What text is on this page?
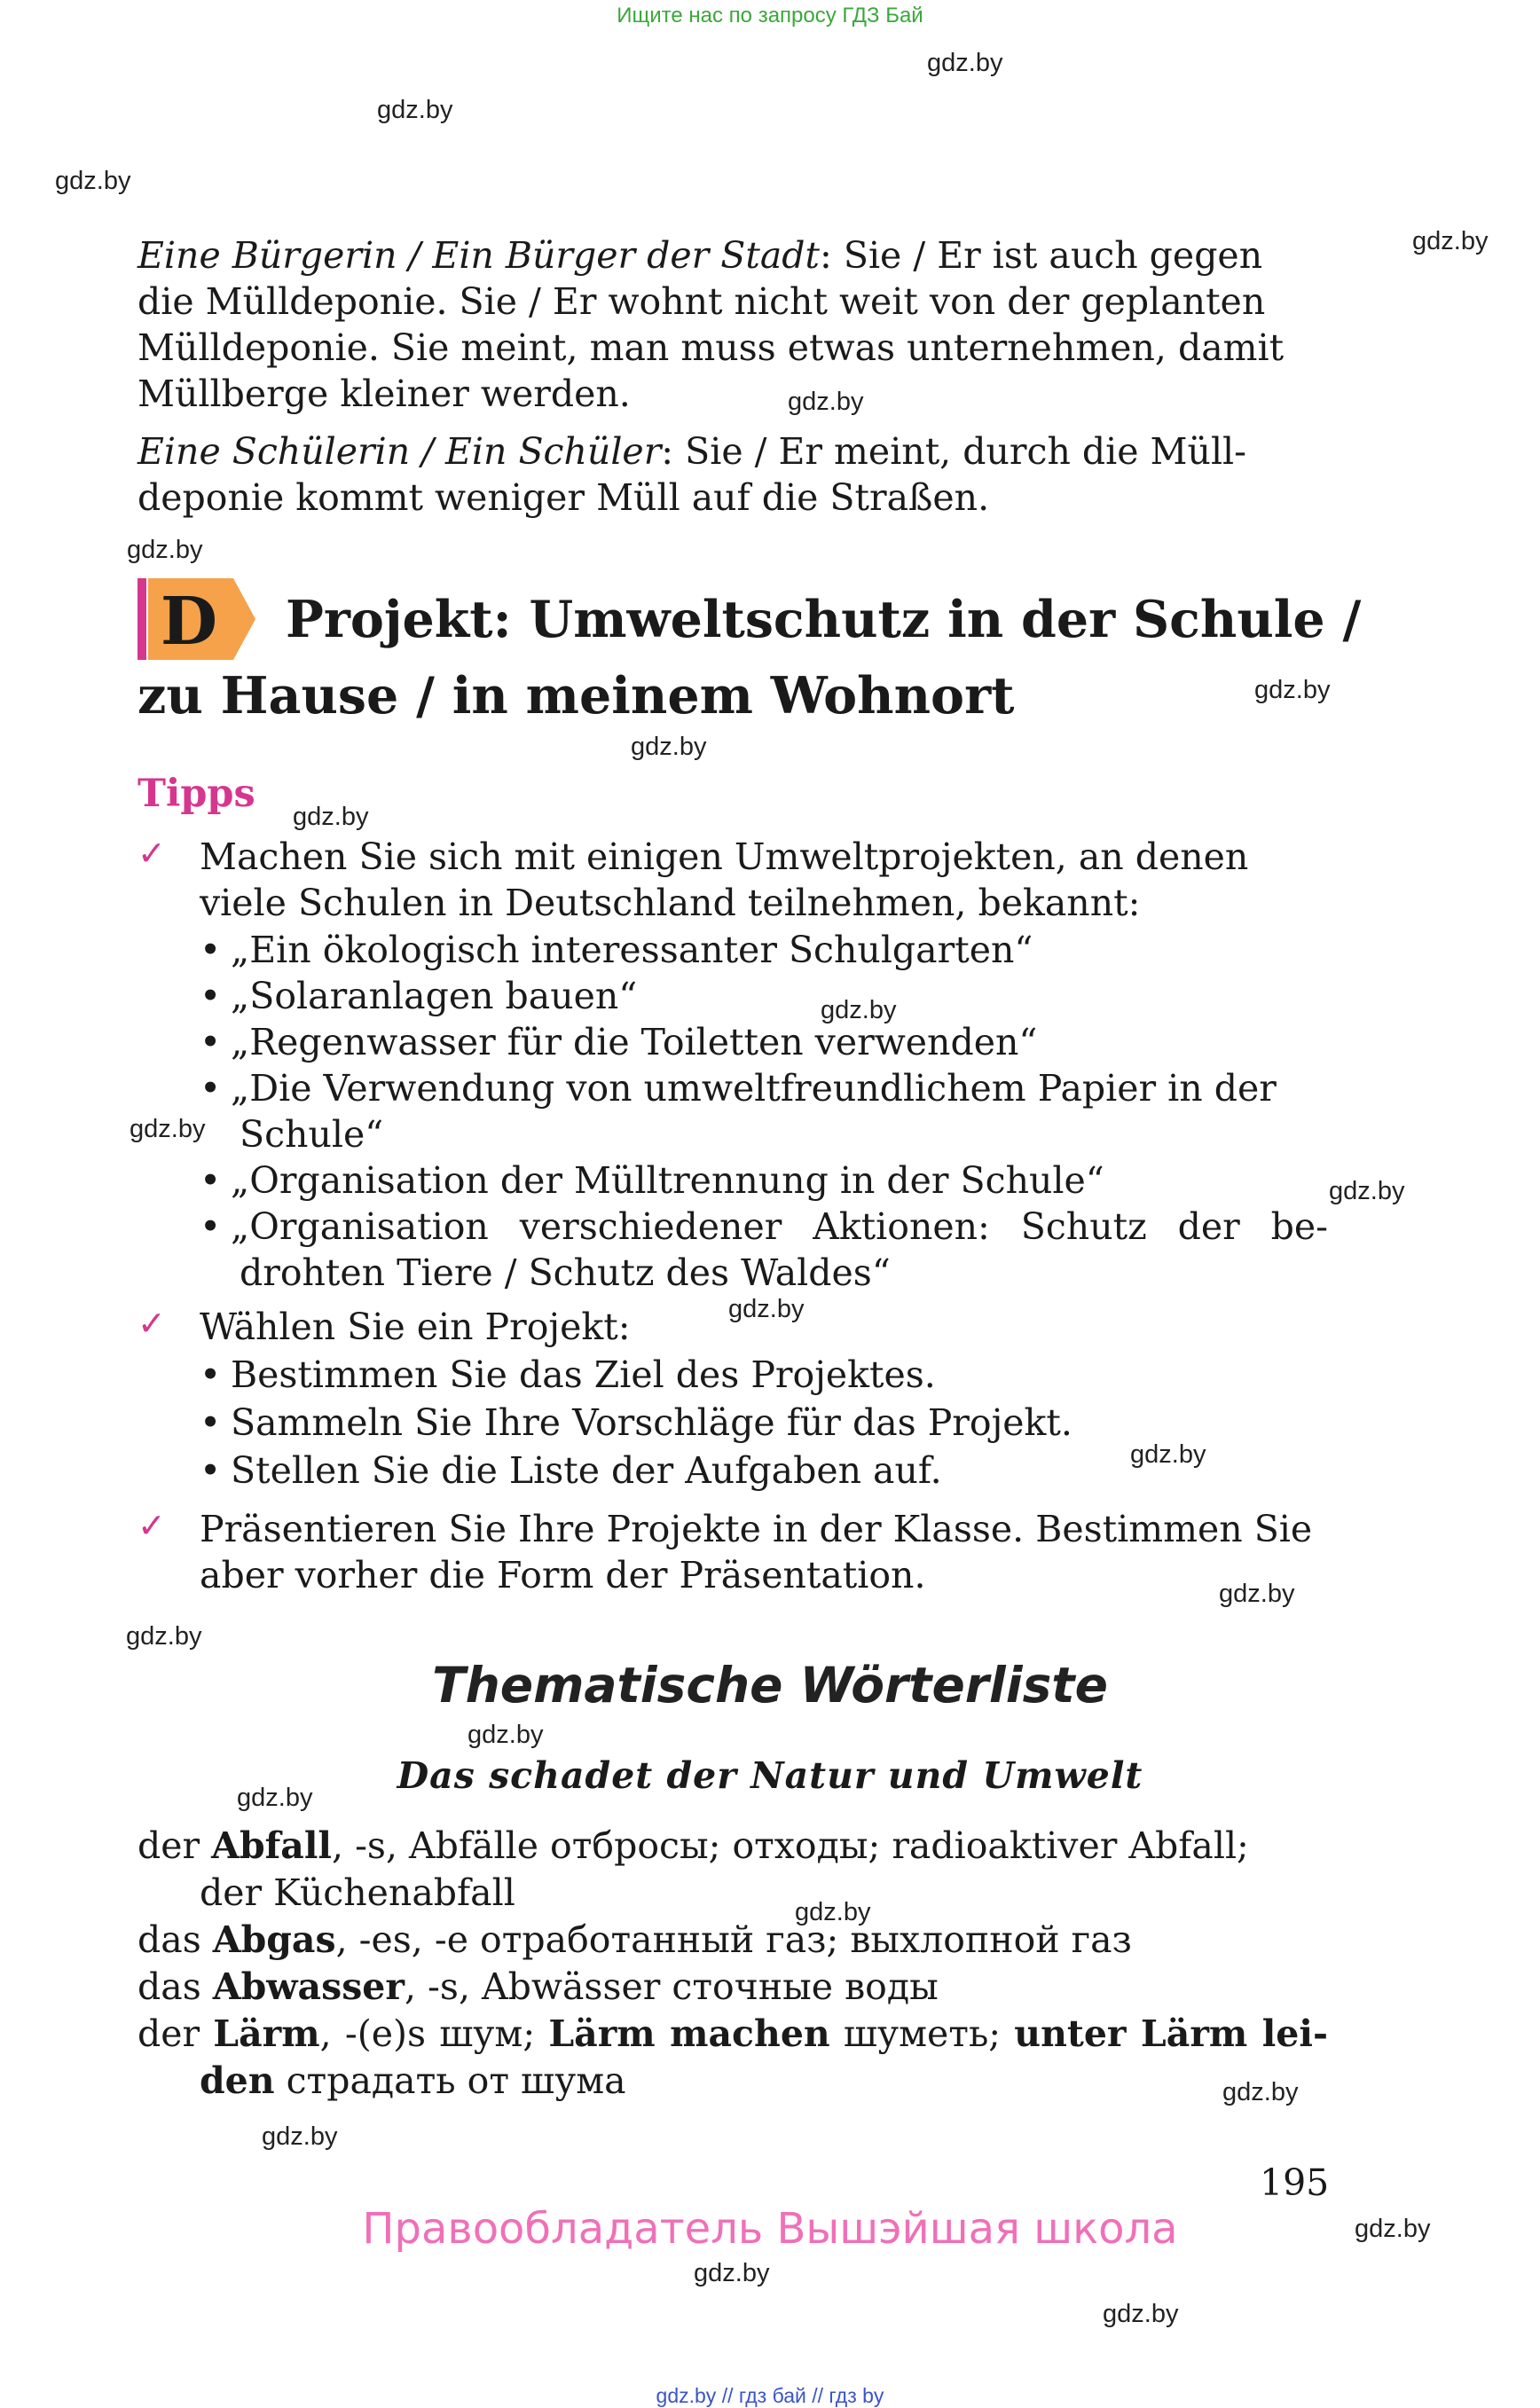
Ищите нас по запросу ГДЗ Бай
gdz.by
gdz.by
gdz.by
gdz.by
gdz.by
gdz.by
gdz.by
gdz.by
gdz.by
gdz.by
gdz.by
gdz.by
gdz.by
gdz.by
gdz.by
gdz.by
gdz.by
gdz.by
gdz.by
gdz.by
gdz.by
gdz.by
gdz.by
gdz.by
Eine Bürgerin / Ein Bürger der Stadt: Sie / Er ist auch gegen
die Mülldeponie. Sie / Er wohnt nicht weit von der geplanten
Mülldeponie. Sie meint, man muss etwas unternehmen, damit
Müllberge kleiner werden.
Eine Schülerin / Ein Schüler: Sie / Er meint, durch die Müll-
deponie kommt weniger Müll auf die Straßen.
D Projekt: Umweltschutz in der Schule /
zu Hause / in meinem Wohnort
Tipps
✓ Machen Sie sich mit einigen Umweltprojekten, an denen
viele Schulen in Deutschland teilnehmen, bekannt:
• „Ein ökologisch interessanter Schulgarten“
• „Solaranlagen bauen“
• „Regenwasser für die Toiletten verwenden“
• „Die Verwendung von umweltfreundlichem Papier in der
Schule“
• „Organisation der Mülltrennung in der Schule“
• „Organisation verschiedener Aktionen: Schutz der be-
drohten Tiere / Schutz des Waldes“
✓ Wählen Sie ein Projekt:
• Bestimmen Sie das Ziel des Projektes.
• Sammeln Sie Ihre Vorschläge für das Projekt.
• Stellen Sie die Liste der Aufgaben auf.
✓ Präsentieren Sie Ihre Projekte in der Klasse. Bestimmen Sie
aber vorher die Form der Präsentation.
Thematische Wörterliste
Das schadet der Natur und Umwelt
der Abfall, -s, Abfälle отбросы; отходы; radioaktiver Abfall;
der Küchenabfall
das Abgas, -es, -e отработанный газ; выхлопной газ
das Abwasser, -s, Abwässer сточные воды
der Lärm, -(e)s шум; Lärm machen шуметь; unter Lärm lei-
den страдать от шума
195
Правообладатель Вышэйшая школа
gdz.by // гдз бай // гдз by
